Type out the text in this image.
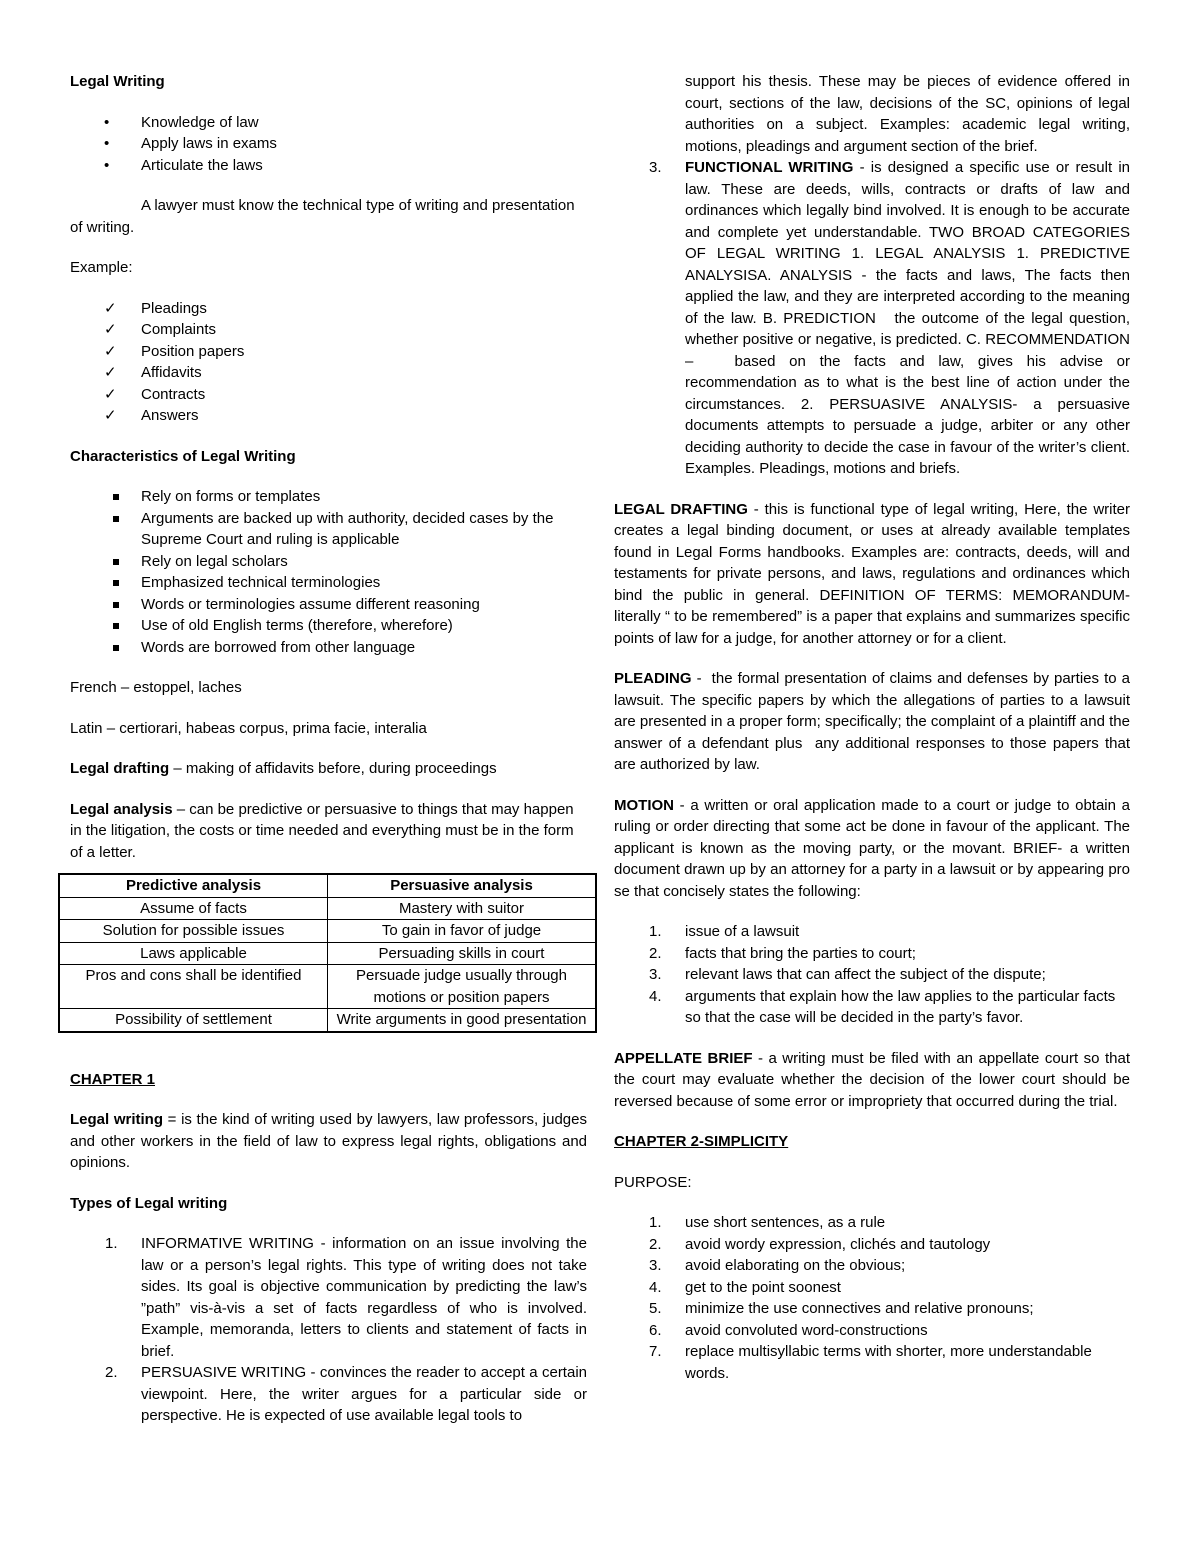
Legal Writing

• Knowledge of law
• Apply laws in exams
• Articulate the laws

A lawyer must know the technical type of writing and presentation of writing.

Example:

✓ Pleadings
✓ Complaints
✓ Position papers
✓ Affidavits
✓ Contracts
✓ Answers

Characteristics of Legal Writing

Rely on forms or templates
Arguments are backed up with authority, decided cases by the Supreme Court and ruling is applicable
Rely on legal scholars
Emphasized technical terminologies
Words or terminologies assume different reasoning
Use of old English terms (therefore, wherefore)
Words are borrowed from other language

French – estoppel, laches

Latin – certiorari, habeas corpus, prima facie, interalia

Legal drafting – making of affidavits before, during proceedings

Legal analysis – can be predictive or persuasive to things that may happen in the litigation, the costs or time needed and everything must be in the form of a letter.

Predictive analysis	Persuasive analysis
Assume of facts	Mastery with suitor
Solution for possible issues	To gain in favor of judge
Laws applicable	Persuading skills in court
Pros and cons shall be identified	Persuade judge usually through motions or position papers
Possibility of settlement	Write arguments in good presentation

CHAPTER 1

Legal writing = is the kind of writing used by lawyers, law professors, judges and other workers in the field of law to express legal rights, obligations and opinions.

Types of Legal writing

1. INFORMATIVE WRITING - information on an issue involving the law or a person’s legal rights. This type of writing does not take sides. Its goal is objective communication by predicting the law’s ”path” vis-à-vis a set of facts regardless of who is involved. Example, memoranda, letters to clients and statement of facts in brief.
2. PERSUASIVE WRITING - convinces the reader to accept a certain viewpoint. Here, the writer argues for a particular side or perspective. He is expected of use available legal tools to
support his thesis. These may be pieces of evidence offered in court, sections of the law, decisions of the SC, opinions of legal authorities on a subject. Examples: academic legal writing, motions, pleadings and argument section of the brief.
3. FUNCTIONAL WRITING - is designed a specific use or result in law. These are deeds, wills, contracts or drafts of law and ordinances which legally bind involved. It is enough to be accurate and complete yet understandable. TWO BROAD CATEGORIES OF LEGAL WRITING 1. LEGAL ANALYSIS 1. PREDICTIVE ANALYSISA. ANALYSIS - the facts and laws, The facts then applied the law, and they are interpreted according to the meaning of the law. B. PREDICTION   the outcome of the legal question, whether positive or negative, is predicted. C. RECOMMENDATION –   based on the facts and law, gives his advise or recommendation as to what is the best line of action under the circumstances. 2. PERSUASIVE ANALYSIS- a persuasive documents attempts to persuade a judge, arbiter or any other deciding authority to decide the case in favour of the writer’s client. Examples. Pleadings, motions and briefs.

LEGAL DRAFTING - this is functional type of legal writing, Here, the writer creates a legal binding document, or uses at already available templates found in Legal Forms handbooks. Examples are: contracts, deeds, will and testaments for private persons, and laws, regulations and ordinances which bind the public in general. DEFINITION OF TERMS: MEMORANDUM- literally “ to be remembered” is a paper that explains and summarizes specific points of law for a judge, for another attorney or for a client.

PLEADING -  the formal presentation of claims and defenses by parties to a lawsuit. The specific papers by which the allegations of parties to a lawsuit are presented in a proper form; specifically; the complaint of a plaintiff and the answer of a defendant plus  any additional responses to those papers that are authorized by law.

MOTION - a written or oral application made to a court or judge to obtain a ruling or order directing that some act be done in favour of the applicant. The applicant is known as the moving party, or the movant. BRIEF- a written document drawn up by an attorney for a party in a lawsuit or by appearing pro se that concisely states the following:

1. issue of a lawsuit
2. facts that bring the parties to court;
3. relevant laws that can affect the subject of the dispute;
4. arguments that explain how the law applies to the particular facts so that the case will be decided in the party’s favor.

APPELLATE BRIEF - a writing must be filed with an appellate court so that the court may evaluate whether the decision of the lower court should be reversed because of some error or impropriety that occurred during the trial.

CHAPTER 2-SIMPLICITY

PURPOSE:

1. use short sentences, as a rule
2. avoid wordy expression, clichés and tautology
3. avoid elaborating on the obvious;
4. get to the point soonest
5. minimize the use connectives and relative pronouns;
6. avoid convoluted word-constructions
7. replace multisyllabic terms with shorter, more understandable words.
